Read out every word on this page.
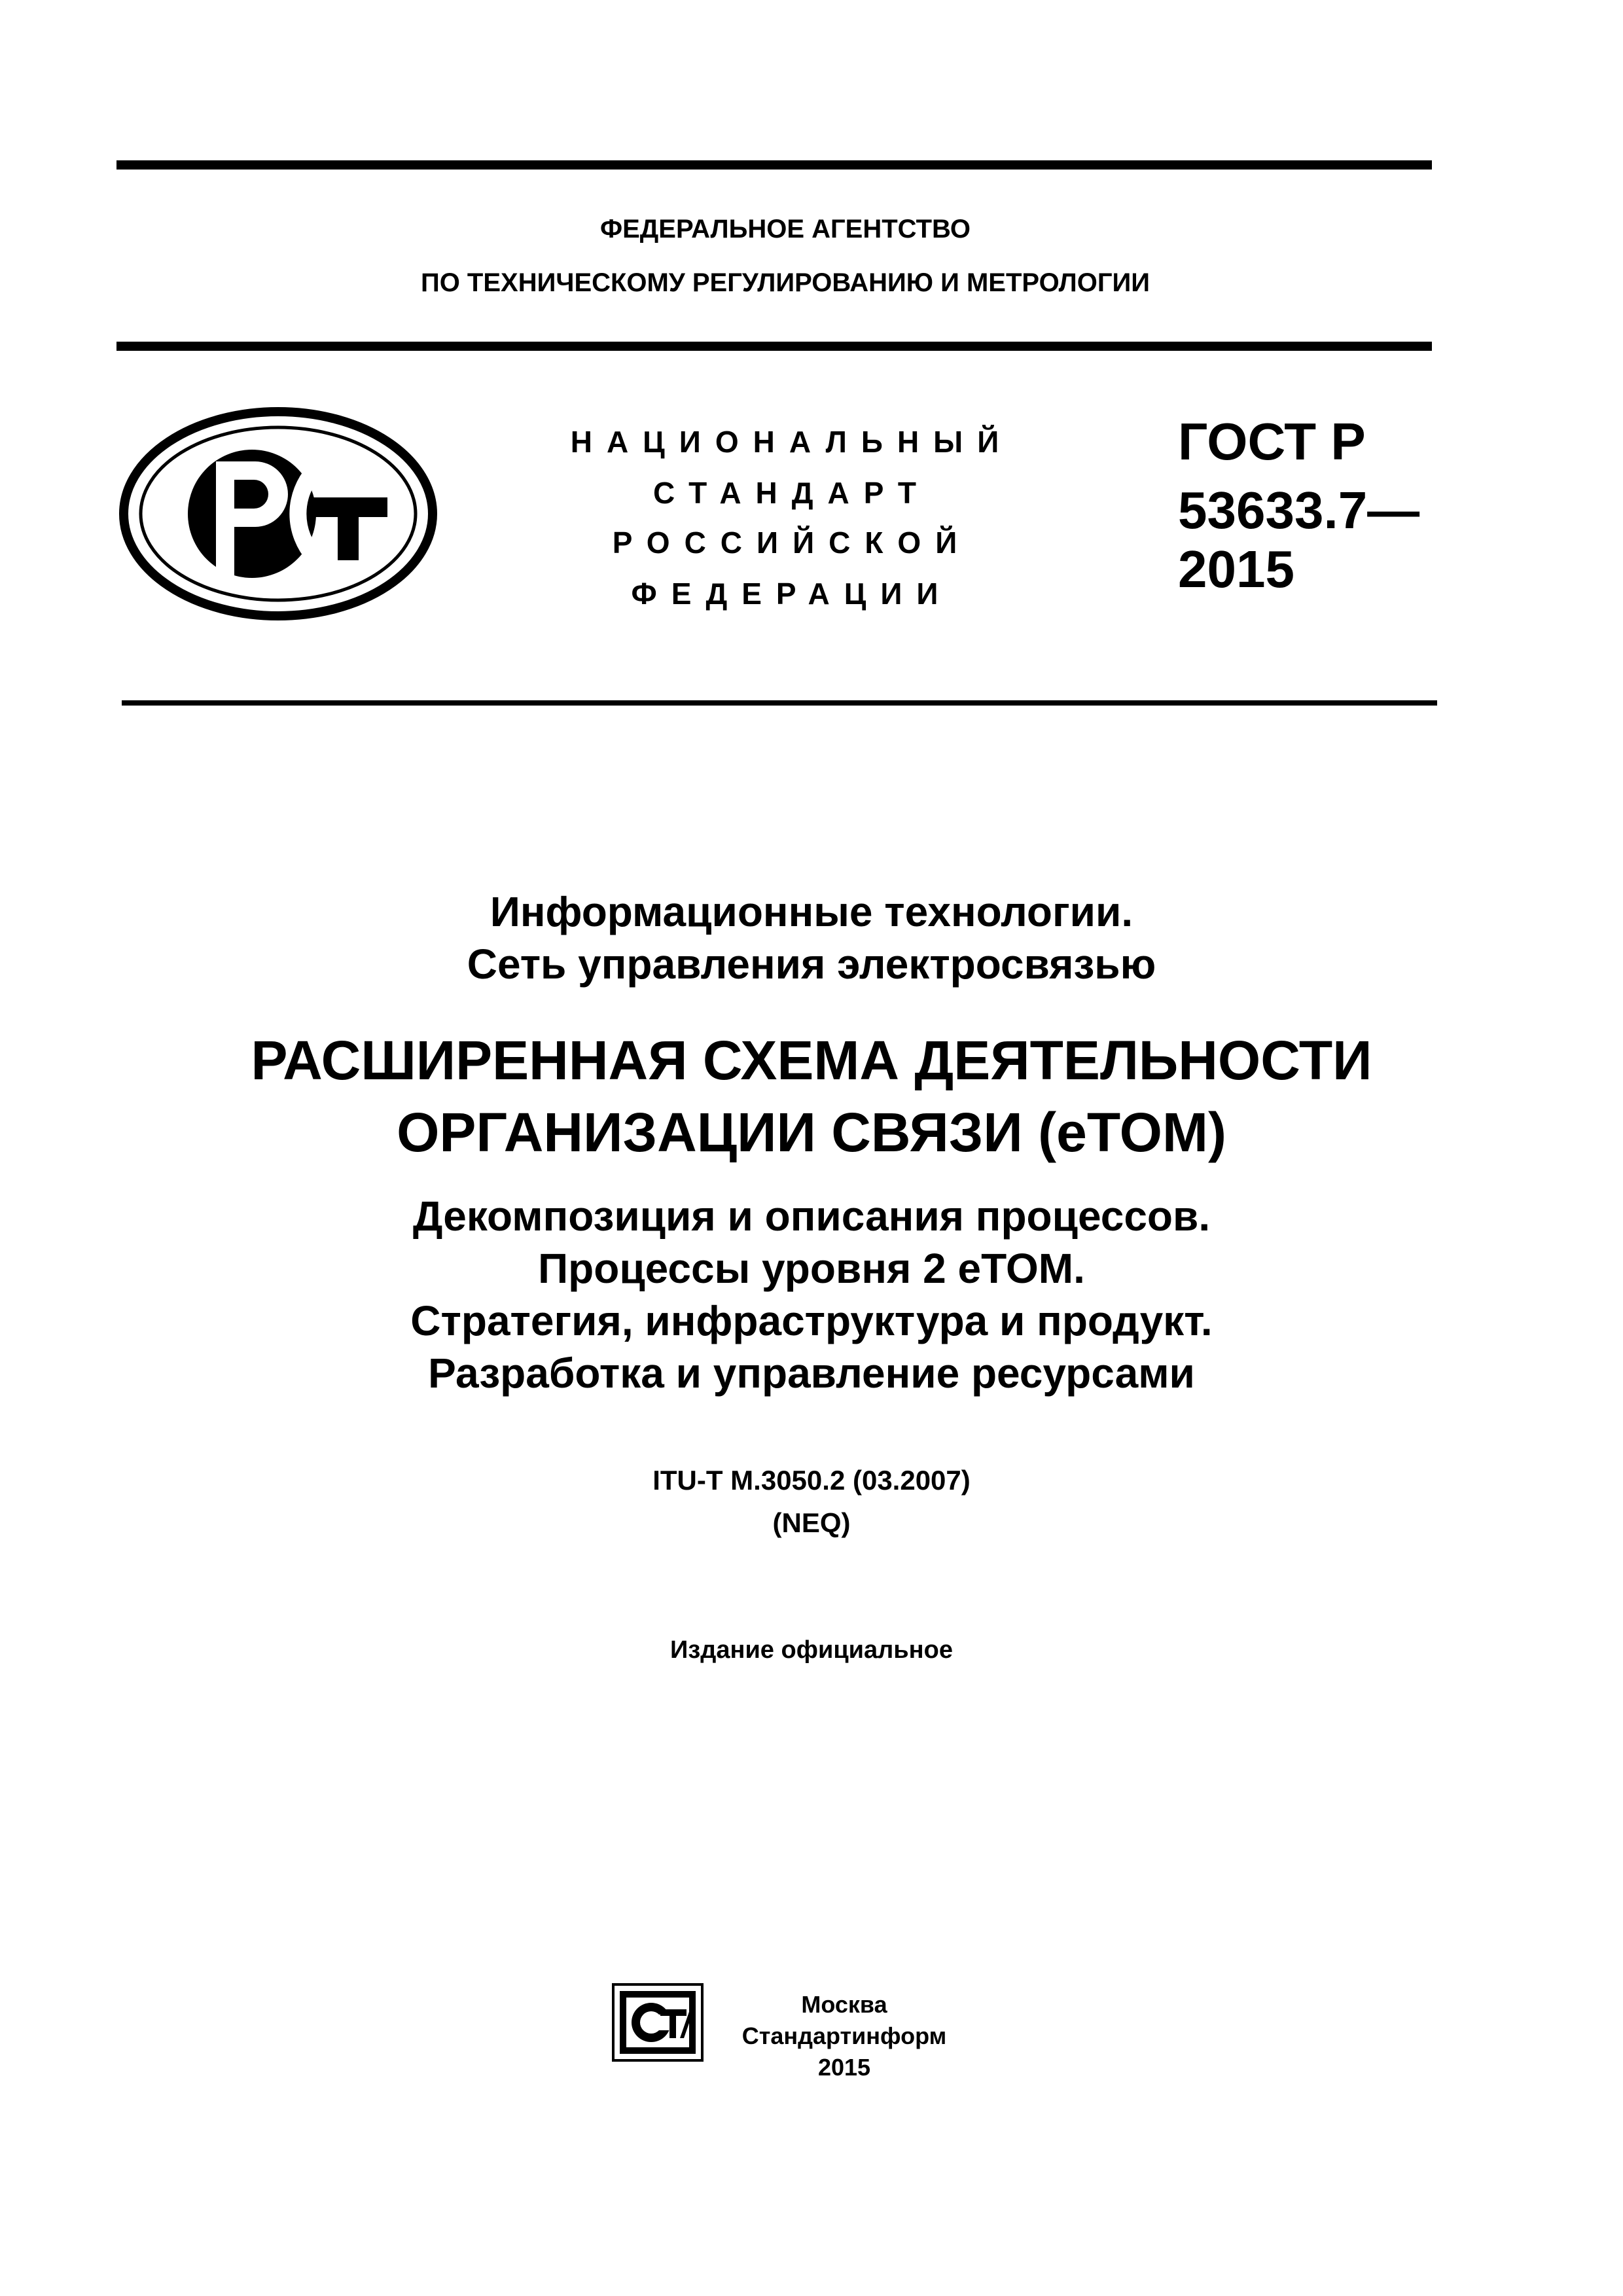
ФЕДЕРАЛЬНОЕ АГЕНТСТВО
ПО ТЕХНИЧЕСКОМУ РЕГУЛИРОВАНИЮ И МЕТРОЛОГИИ
НАЦИОНАЛЬНЫЙ
СТАНДАРТ
РОССИЙСКОЙ
ФЕДЕРАЦИИ
ГОСТ Р
53633.7—
2015
Информационные технологии.
Сеть управления электросвязью
РАСШИРЕННАЯ СХЕМА ДЕЯТЕЛЬНОСТИ
ОРГАНИЗАЦИИ СВЯЗИ (eTOM)
Декомпозиция и описания процессов.
Процессы уровня 2 eTOM.
Стратегия, инфраструктура и продукт.
Разработка и управление ресурсами
ITU-T M.3050.2 (03.2007)
(NEQ)
Издание официальное
Москва
Стандартинформ
2015
